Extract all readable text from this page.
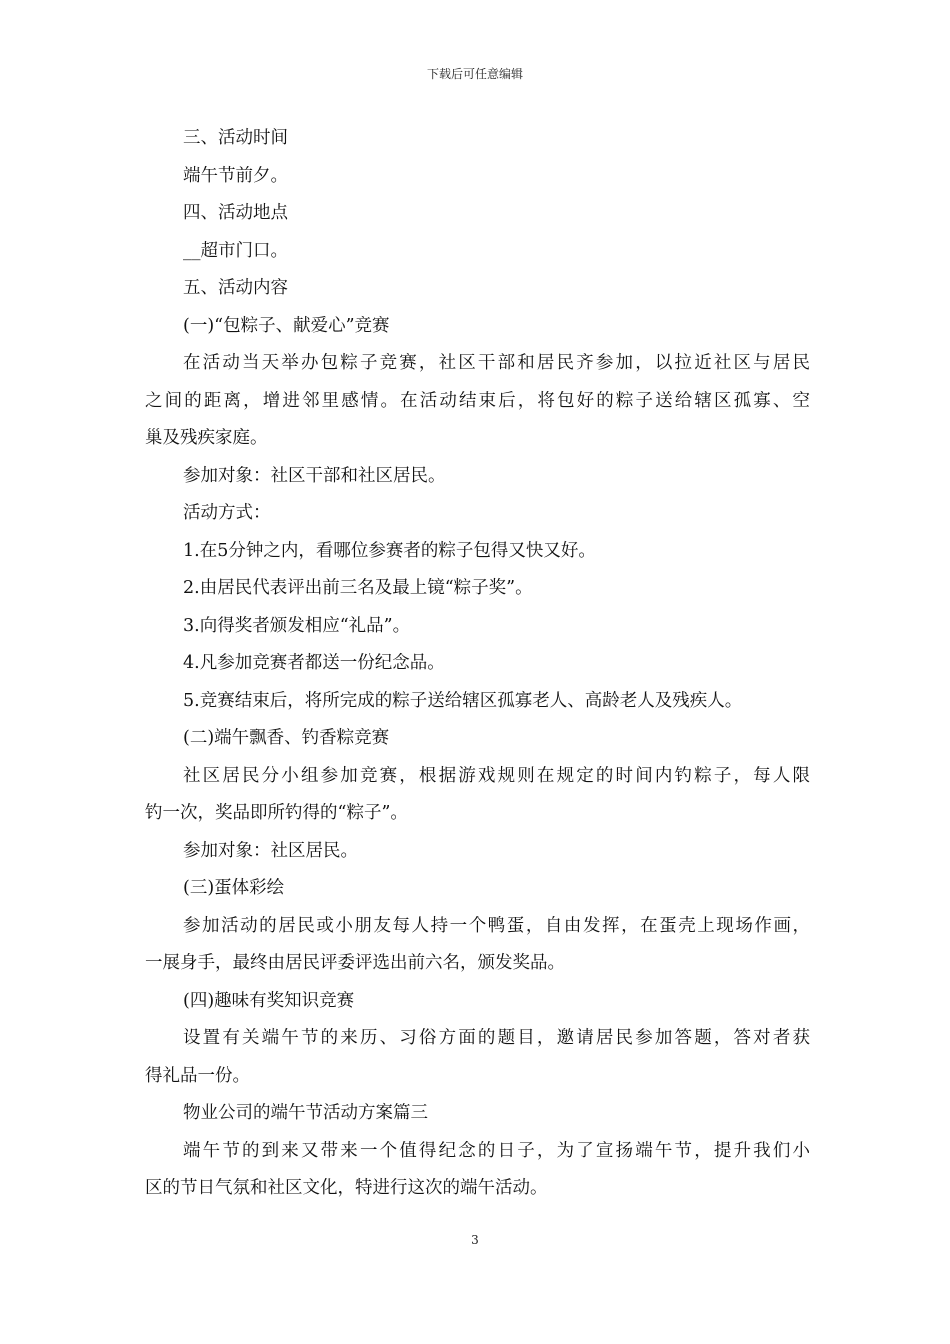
下载后可任意编辑
三、活动时间
端午节前夕。
四、活动地点
__超市门口。
五、活动内容
(一)“包粽子、献爱心”竞赛
在活动当天举办包粽子竞赛，社区干部和居民齐参加，以拉近社区与居民
之间的距离，增进邻里感情。在活动结束后，将包好的粽子送给辖区孤寡、空
巢及残疾家庭。
参加对象：社区干部和社区居民。
活动方式：
1.在5分钟之内，看哪位参赛者的粽子包得又快又好。
2.由居民代表评出前三名及最上镜“粽子奖”。
3.向得奖者颁发相应“礼品”。
4.凡参加竞赛者都送一份纪念品。
5.竞赛结束后，将所完成的粽子送给辖区孤寡老人、高龄老人及残疾人。
(二)端午飘香、钓香粽竞赛
社区居民分小组参加竞赛，根据游戏规则在规定的时间内钓粽子，每人限
钓一次，奖品即所钓得的“粽子”。
参加对象：社区居民。
(三)蛋体彩绘
参加活动的居民或小朋友每人持一个鸭蛋，自由发挥，在蛋壳上现场作画，
一展身手，最终由居民评委评选出前六名，颁发奖品。
(四)趣味有奖知识竞赛
设置有关端午节的来历、习俗方面的题目，邀请居民参加答题，答对者获
得礼品一份。
物业公司的端午节活动方案篇三
端午节的到来又带来一个值得纪念的日子，为了宣扬端午节，提升我们小
区的节日气氛和社区文化，特进行这次的端午活动。
3
